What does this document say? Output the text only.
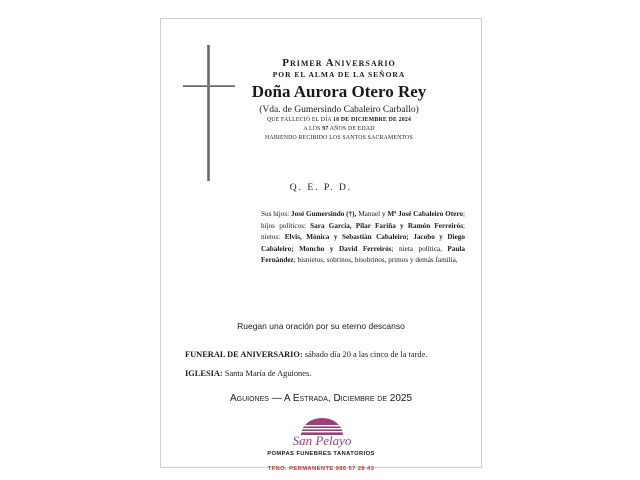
Primer Aniversario
POR EL ALMA DE LA SEÑORA
Doña Aurora Otero Rey
(Vda. de Gumersindo Cabaleiro Carballo)
QUE FALLECIÓ EL DÍA 18 DE DICIEMBRE DE 2024
A LOS 97 AÑOS DE EDAD
HABIENDO RECIBIDO LOS SANTOS SACRAMENTOS
Q. E. P. D.
Sus hijos: José Gumersindo (†), Manuel y Mª José Cabaleiro Otero; hijos políticos: Sara García, Pilar Fariña y Ramón Ferreirós; nietos: Elvis, Mónica y Sebastián Cabaleiro; Jacobo y Diego Cabaleiro; Moncho y David Ferreirós; nieta política, Paula Fernández; bisnietos, sobrinos, bisobrinos, primos y demás familia,
Ruegan una oración por su eterno descanso
FUNERAL DE ANIVERSARIO: sábado día 20 a las cinco de la tarde.
IGLESIA: Santa María de Aguiones.
Aguiones — A Estrada, Diciembre de 2025
San Pelayo
POMPAS FUNEBRES TANATORIOS
TFNO. PERMANENTE 986 57 28 43
